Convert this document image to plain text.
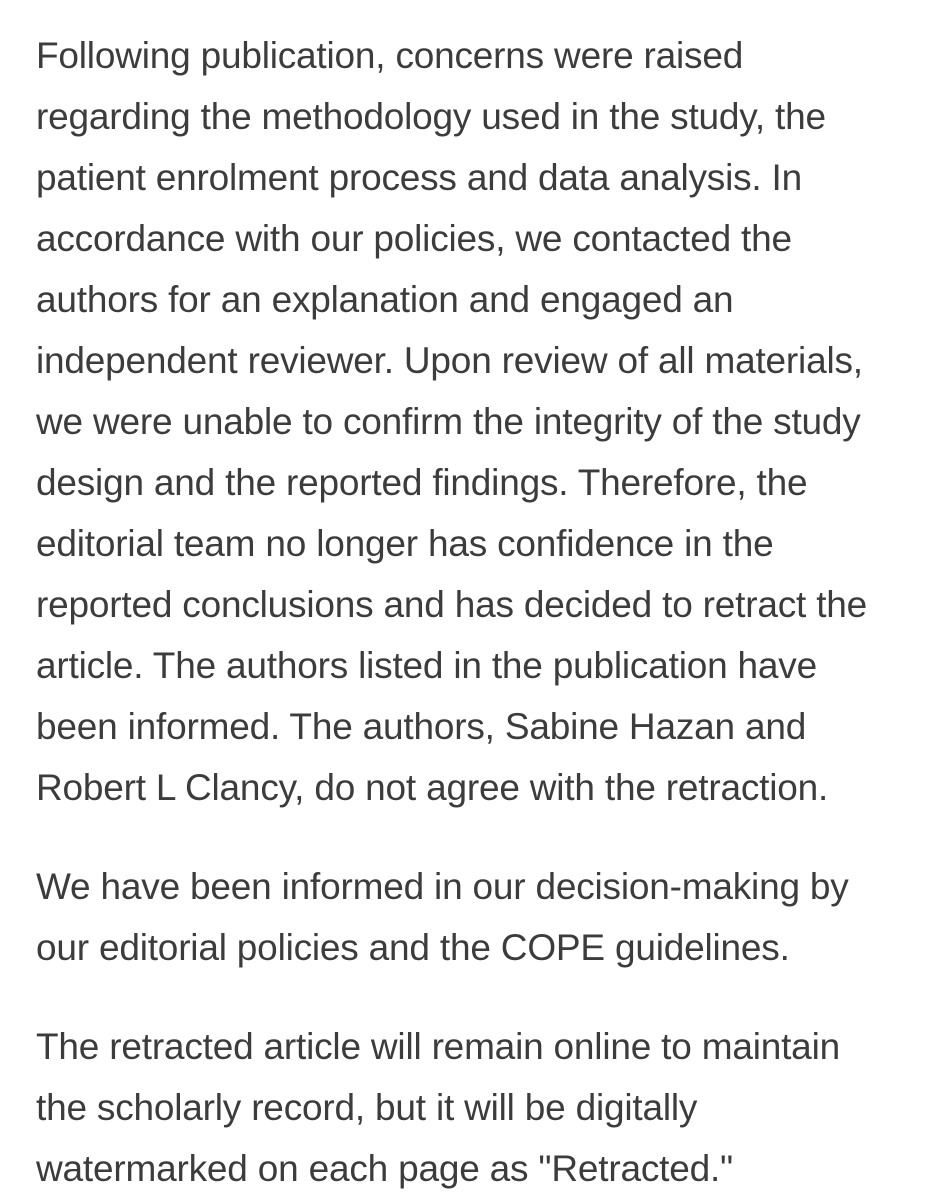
Following publication, concerns were raised
regarding the methodology used in the study, the
patient enrolment process and data analysis. In
accordance with our policies, we contacted the
authors for an explanation and engaged an
independent reviewer. Upon review of all materials,
we were unable to confirm the integrity of the study
design and the reported findings. Therefore, the
editorial team no longer has confidence in the
reported conclusions and has decided to retract the
article. The authors listed in the publication have
been informed. The authors, Sabine Hazan and
Robert L Clancy, do not agree with the retraction.
We have been informed in our decision-making by
our editorial policies and the COPE guidelines.
The retracted article will remain online to maintain
the scholarly record, but it will be digitally
watermarked on each page as "Retracted."
